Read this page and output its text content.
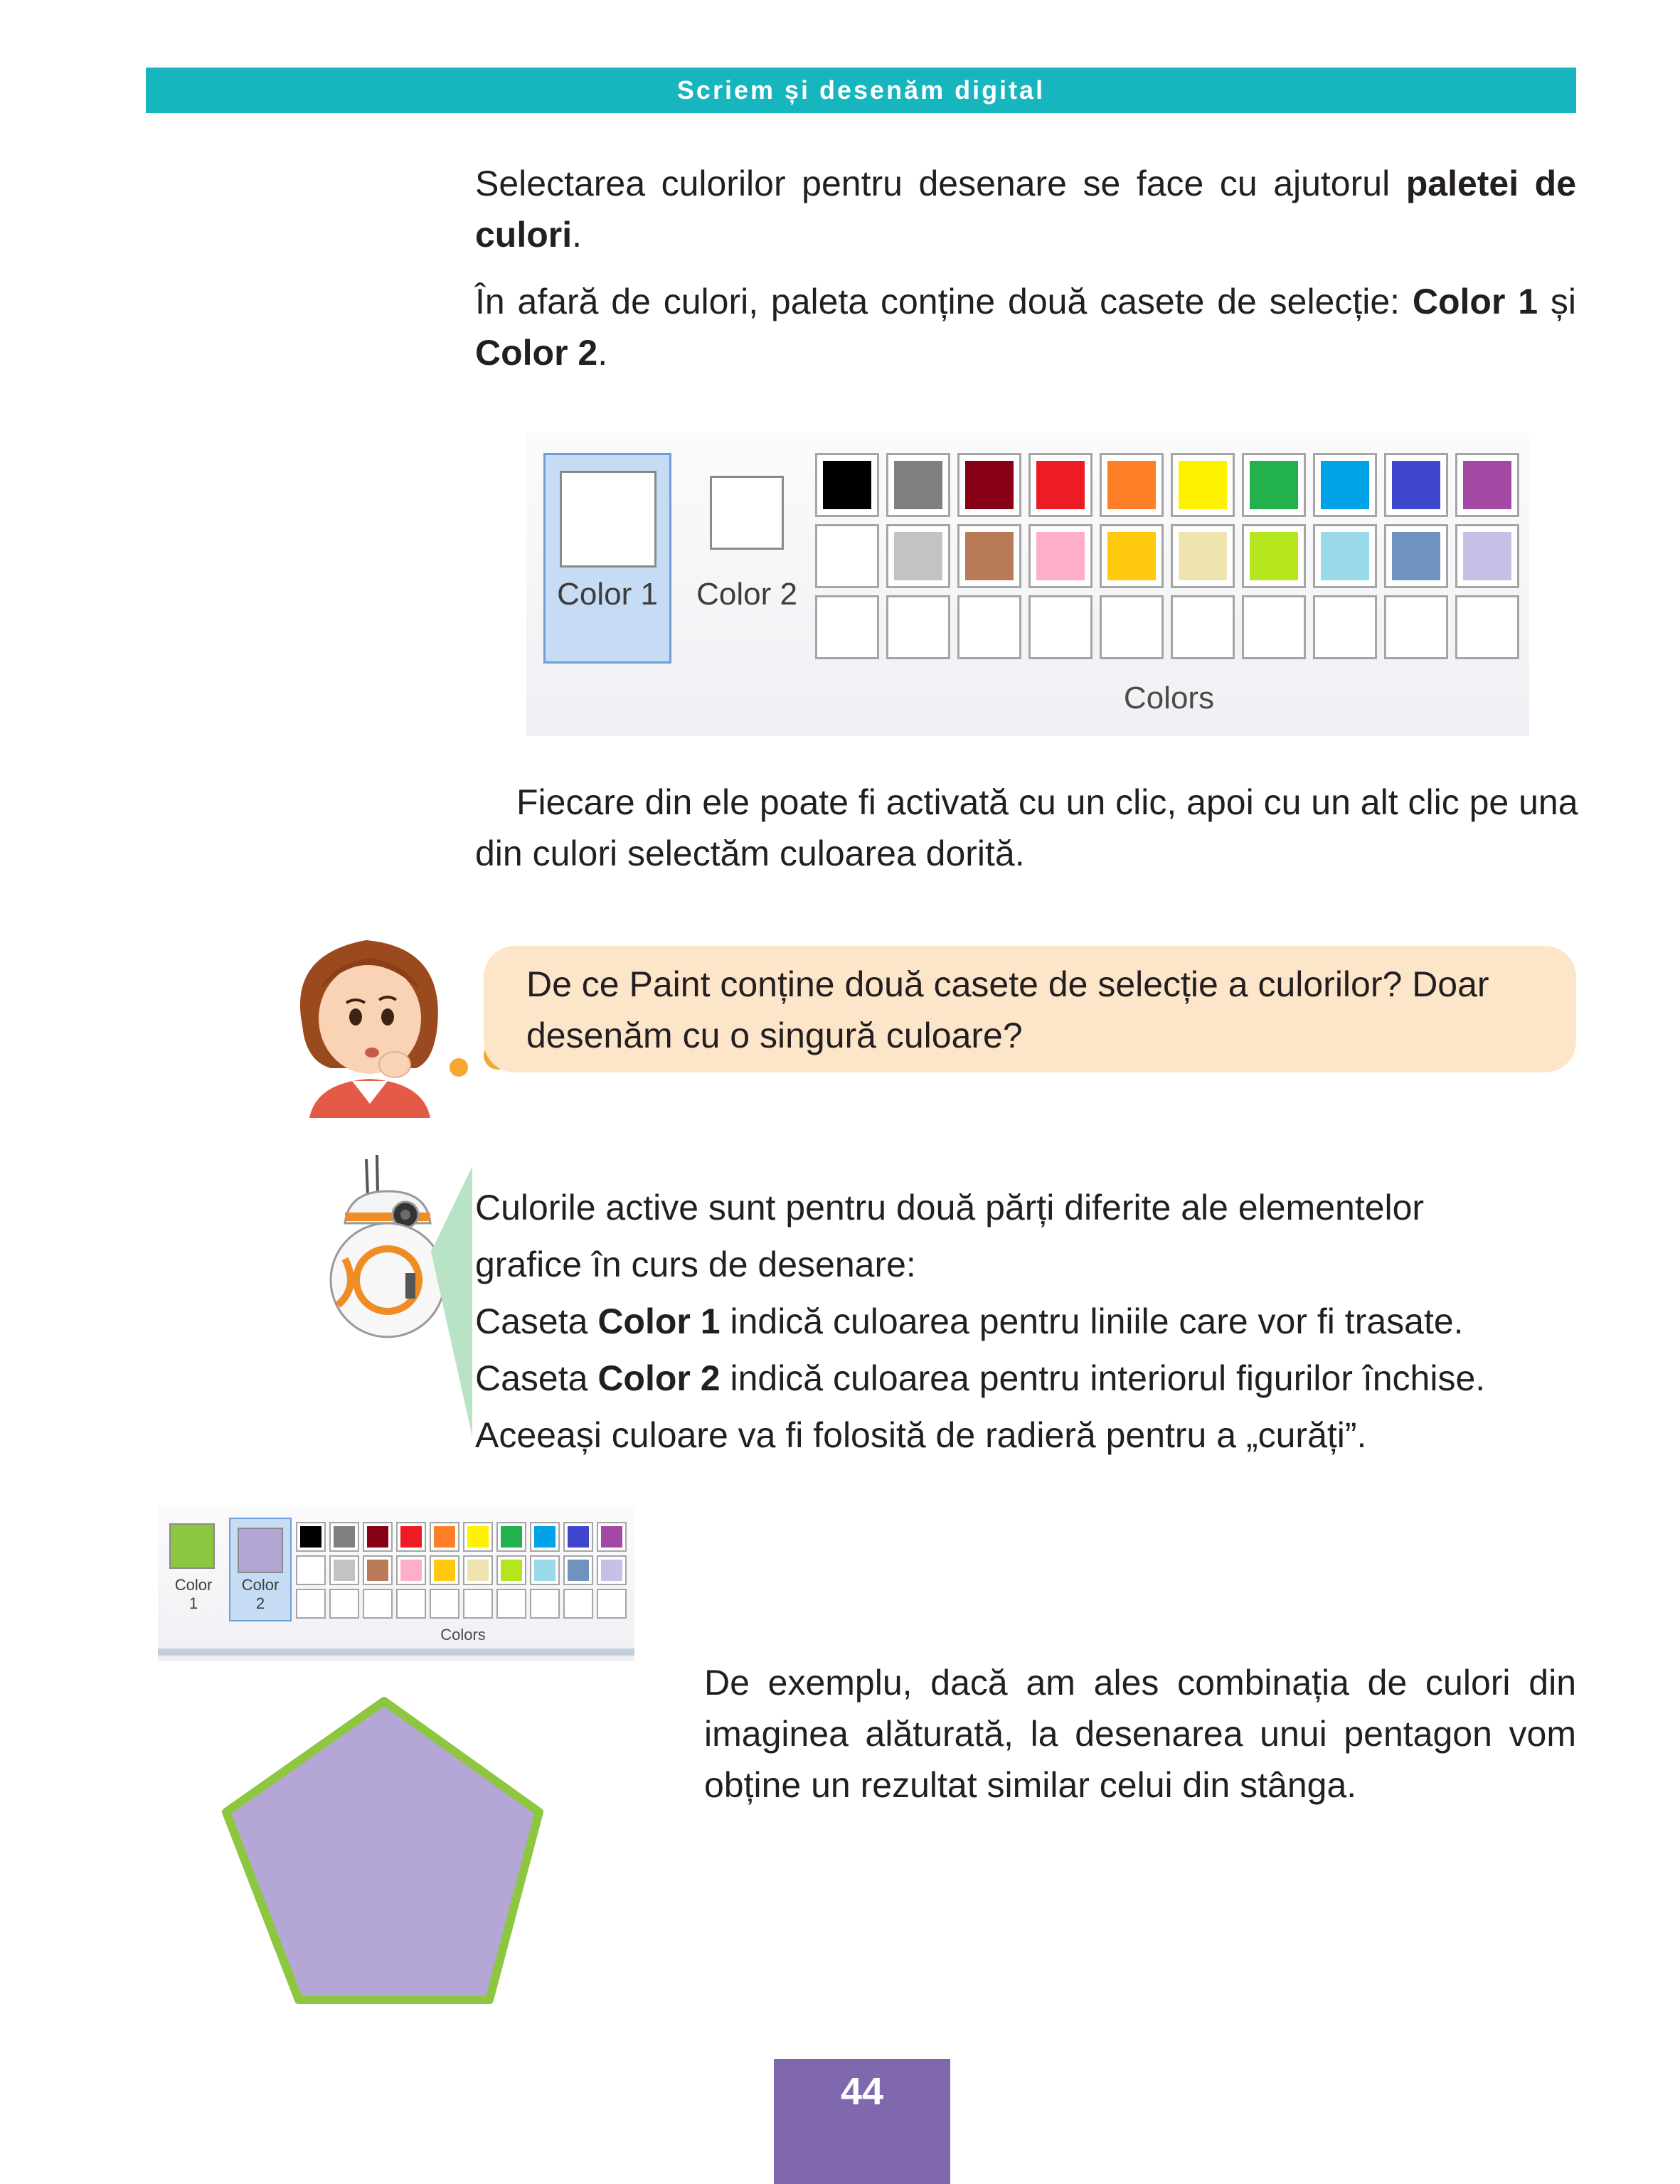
Scriem și desenăm digital

Selectarea culorilor pentru desenare se face cu ajutorul paletei de culori.

În afară de culori, paleta conține două casete de selecție: Color 1 și Color 2.

Color 1	Color 2
Colors

Fiecare din ele poate fi activată cu un clic, apoi cu un alt clic pe una din culori selectăm culoarea dorită.

De ce Paint conține două casete de selecție a culorilor? Doar desenăm cu o singură culoare?

Culorile active sunt pentru două părți diferite ale elementelor

grafice în curs de desenare:

Caseta Color 1 indică culoarea pentru liniile care vor fi trasate.

Caseta Color 2 indică culoarea pentru interiorul figurilor închise.

Aceeași culoare va fi folosită de radieră pentru a „curăți”.

Color
1
Color
2
Colors

De exemplu, dacă am ales combinația de culori din imaginea alăturată, la desenarea unui pentagon vom obține un rezultat similar celui din stânga.

44
